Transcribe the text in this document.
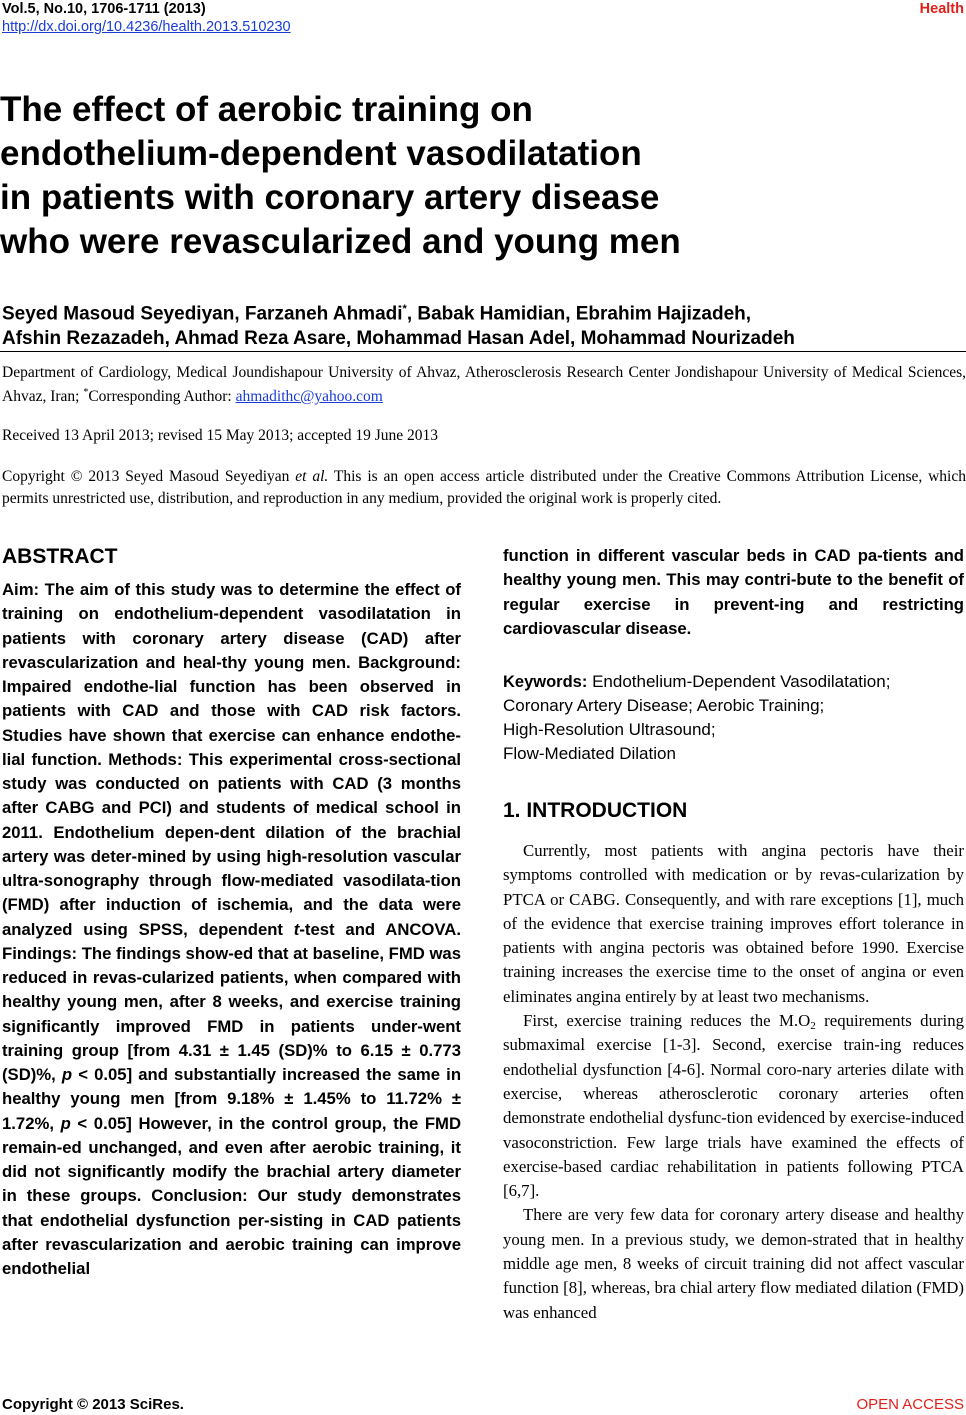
Vol.5, No.10, 1706-1711 (2013)
http://dx.doi.org/10.4236/health.2013.510230
Health
The effect of aerobic training on
endothelium-dependent vasodilatation
in patients with coronary artery disease
who were revascularized and young men
Seyed Masoud Seyediyan, Farzaneh Ahmadi*, Babak Hamidian, Ebrahim Hajizadeh,
Afshin Rezazadeh, Ahmad Reza Asare, Mohammad Hasan Adel, Mohammad Nourizadeh
Department of Cardiology, Medical Joundishapour University of Ahvaz, Atherosclerosis Research Center Jondishapour University of Medical Sciences, Ahvaz, Iran; *Corresponding Author: ahmadithc@yahoo.com
Received 13 April 2013; revised 15 May 2013; accepted 19 June 2013
Copyright © 2013 Seyed Masoud Seyediyan et al. This is an open access article distributed under the Creative Commons Attribution License, which permits unrestricted use, distribution, and reproduction in any medium, provided the original work is properly cited.
ABSTRACT

Aim: The aim of this study was to determine the effect of training on endothelium-dependent vasodilatation in patients with coronary artery disease (CAD) after revascularization and heal-thy young men. Background: Impaired endothe-lial function has been observed in patients with CAD and those with CAD risk factors. Studies have shown that exercise can enhance endothe-lial function. Methods: This experimental cross-sectional study was conducted on patients with CAD (3 months after CABG and PCI) and students of medical school in 2011. Endothelium depen-dent dilation of the brachial artery was deter-mined by using high-resolution vascular ultra-sonography through flow-mediated vasodilata-tion (FMD) after induction of ischemia, and the data were analyzed using SPSS, dependent t-test and ANCOVA. Findings: The findings show-ed that at baseline, FMD was reduced in revas-cularized patients, when compared with healthy young men, after 8 weeks, and exercise training significantly improved FMD in patients under-went training group [from 4.31 ± 1.45 (SD)% to 6.15 ± 0.773 (SD)%, p < 0.05] and substantially increased the same in healthy young men [from 9.18% ± 1.45% to 11.72% ± 1.72%, p < 0.05] However, in the control group, the FMD remain-ed unchanged, and even after aerobic training, it did not significantly modify the brachial artery diameter in these groups. Conclusion: Our study demonstrates that endothelial dysfunction per-sisting in CAD patients after revascularization and aerobic training can improve endothelial

function in different vascular beds in CAD pa-tients and healthy young men. This may contri-bute to the benefit of regular exercise in prevent-ing and restricting cardiovascular disease.

Keywords: Endothelium-Dependent Vasodilatation;
Coronary Artery Disease; Aerobic Training;
High-Resolution Ultrasound;
Flow-Mediated Dilation
1. INTRODUCTION

Currently, most patients with angina pectoris have their symptoms controlled with medication or by revas-cularization by PTCA or CABG. Consequently, and with rare exceptions [1], much of the evidence that exercise training improves effort tolerance in patients with angina pectoris was obtained before 1990. Exercise training increases the exercise time to the onset of angina or even eliminates angina entirely by at least two mechanisms.

First, exercise training reduces the $M.O_2$ requirements during submaximal exercise [1-3]. Second, exercise train-ing reduces endothelial dysfunction [4-6]. Normal coro-nary arteries dilate with exercise, whereas atherosclerotic coronary arteries often demonstrate endothelial dysfunc-tion evidenced by exercise-induced vasoconstriction. Few large trials have examined the effects of exercise-based cardiac rehabilitation in patients following PTCA [6,7].

There are very few data for coronary artery disease and healthy young men. In a previous study, we demon-strated that in healthy middle age men, 8 weeks of circuit training did not affect vascular function [8], whereas, bra chial artery flow mediated dilation (FMD) was enhanced

Copyright © 2013 SciRes.	OPEN ACCESS
